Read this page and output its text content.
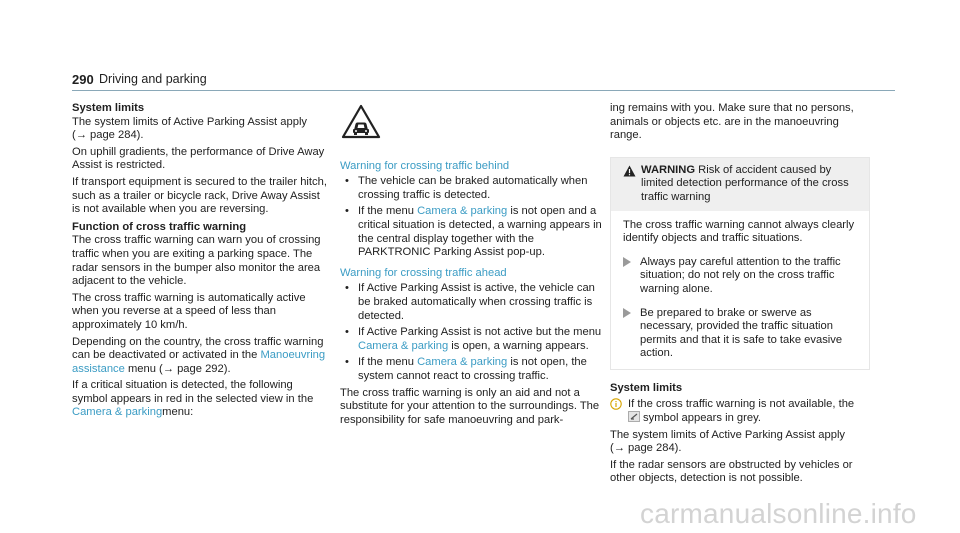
290 Driving and parking

System limits

The system limits of Active Parking Assist apply
(→ page 284).

On uphill gradients, the performance of Drive Away Assist is restricted.

If transport equipment is secured to the trailer hitch, such as a trailer or bicycle rack, Drive Away Assist is not available when you are reversing.

Function of cross traffic warning

The cross traffic warning can warn you of crossing traffic when you are exiting a parking space. The radar sensors in the bumper also monitor the area adjacent to the vehicle.

The cross traffic warning is automatically active when you reverse at a speed of less than approximately 10 km/h.

Depending on the country, the cross traffic warning can be deactivated or activated in the Manoeuvring assistance menu (→ page 292).

If a critical situation is detected, the following symbol appears in red in the selected view in the Camera & parkingmenu:

Warning for crossing traffic behind
• The vehicle can be braked automatically when crossing traffic is detected.
• If the menu Camera & parking is not open and a critical situation is detected, a warning appears in the central display together with the PARKTRONIC Parking Assist pop-up.
Warning for crossing traffic ahead
• If Active Parking Assist is active, the vehicle can be braked automatically when crossing traffic is detected.
• If Active Parking Assist is not active but the menu Camera & parking is open, a warning appears.
• If the menu Camera & parking is not open, the system cannot react to crossing traffic.

The cross traffic warning is only an aid and not a substitute for your attention to the surroundings. The responsibility for safe manoeuvring and park-

ing remains with you. Make sure that no persons, animals or objects etc. are in the manoeuvring range.

WARNING Risk of accident caused by limited detection performance of the cross traffic warning
The cross traffic warning cannot always clearly identify objects and traffic situations.
Always pay careful attention to the traffic situation; do not rely on the cross traffic warning alone.
Be prepared to brake or swerve as necessary, provided the traffic situation permits and that it is safe to take evasive action.

System limits

If the cross traffic warning is not available, the
symbol appears in grey.

The system limits of Active Parking Assist apply
(→ page 284).

If the radar sensors are obstructed by vehicles or other objects, detection is not possible.

carmanualsonline.info
